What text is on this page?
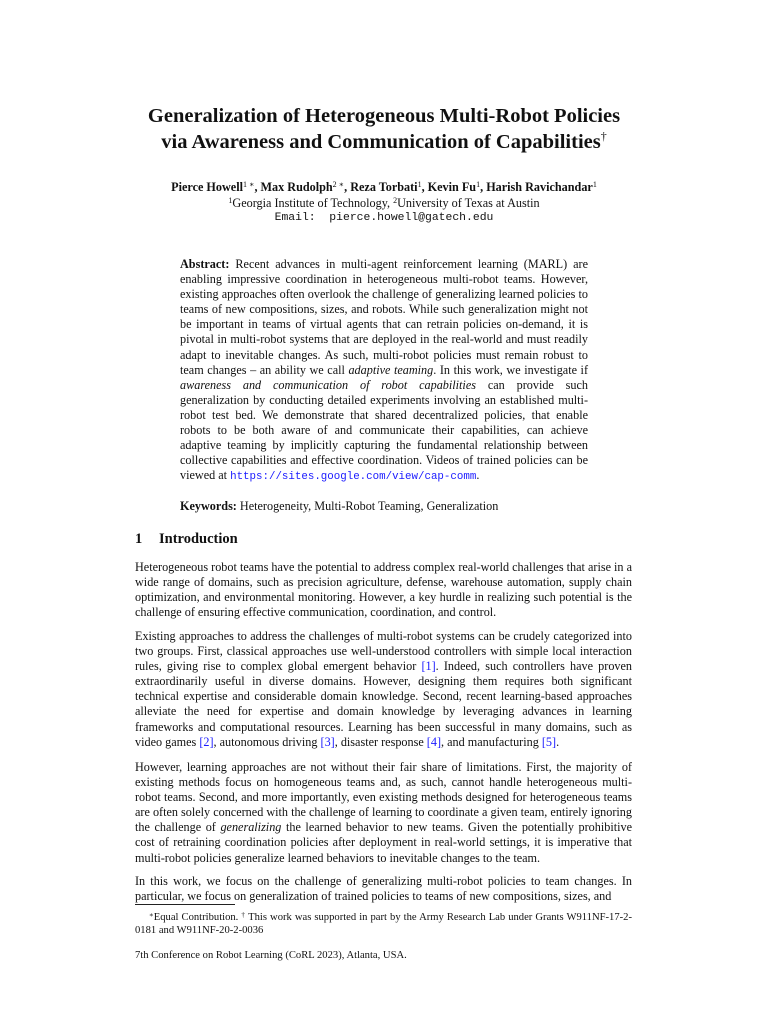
Generalization of Heterogeneous Multi-Robot Policies
via Awareness and Communication of Capabilities†
Pierce Howell$^{1 ∗}$, Max Rudolph$^{2 ∗}$, Reza Torbati$^1$, Kevin Fu$^1$, Harish Ravichandar$^1$
$^1$Georgia Institute of Technology, $^2$University of Texas at Austin
Email:  pierce.howell@gatech.edu
Abstract: Recent advances in multi-agent reinforcement learning (MARL) are enabling impressive coordination in heterogeneous multi-robot teams. However, existing approaches often overlook the challenge of generalizing learned policies to teams of new compositions, sizes, and robots. While such generalization might not be important in teams of virtual agents that can retrain policies on-demand, it is pivotal in multi-robot systems that are deployed in the real-world and must readily adapt to inevitable changes. As such, multi-robot policies must remain robust to team changes – an ability we call adaptive teaming. In this work, we investigate if awareness and communication of robot capabilities can provide such generalization by conducting detailed experiments involving an established multi-robot test bed. We demonstrate that shared decentralized policies, that enable robots to be both aware of and communicate their capabilities, can achieve adaptive teaming by implicitly capturing the fundamental relationship between collective capabilities and effective coordination. Videos of trained policies can be viewed at https://sites.google.com/view/cap-comm.
Keywords: Heterogeneity, Multi-Robot Teaming, Generalization
1 Introduction

Heterogeneous robot teams have the potential to address complex real-world challenges that arise in a wide range of domains, such as precision agriculture, defense, warehouse automation, supply chain optimization, and environmental monitoring. However, a key hurdle in realizing such potential is the challenge of ensuring effective communication, coordination, and control.

Existing approaches to address the challenges of multi-robot systems can be crudely categorized into two groups. First, classical approaches use well-understood controllers with simple local interaction rules, giving rise to complex global emergent behavior [1]. Indeed, such controllers have proven extraordinarily useful in diverse domains. However, designing them requires both significant technical expertise and considerable domain knowledge. Second, recent learning-based approaches alleviate the need for expertise and domain knowledge by leveraging advances in learning frameworks and computational resources. Learning has been successful in many domains, such as video games [2], autonomous driving [3], disaster response [4], and manufacturing [5].

However, learning approaches are not without their fair share of limitations. First, the majority of existing methods focus on homogeneous teams and, as such, cannot handle heterogeneous multi-robot teams. Second, and more importantly, even existing methods designed for heterogeneous teams are often solely concerned with the challenge of learning to coordinate a given team, entirely ignoring the challenge of generalizing the learned behavior to new teams. Given the potentially prohibitive cost of retraining coordination policies after deployment in real-world settings, it is imperative that multi-robot policies generalize learned behaviors to inevitable changes to the team.

In this work, we focus on the challenge of generalizing multi-robot policies to team changes. In particular, we focus on generalization of trained policies to teams of new compositions, sizes, and

∗Equal Contribution. † This work was supported in part by the Army Research Lab under Grants W911NF-17-2-0181 and W911NF-20-2-0036
7th Conference on Robot Learning (CoRL 2023), Atlanta, USA.
